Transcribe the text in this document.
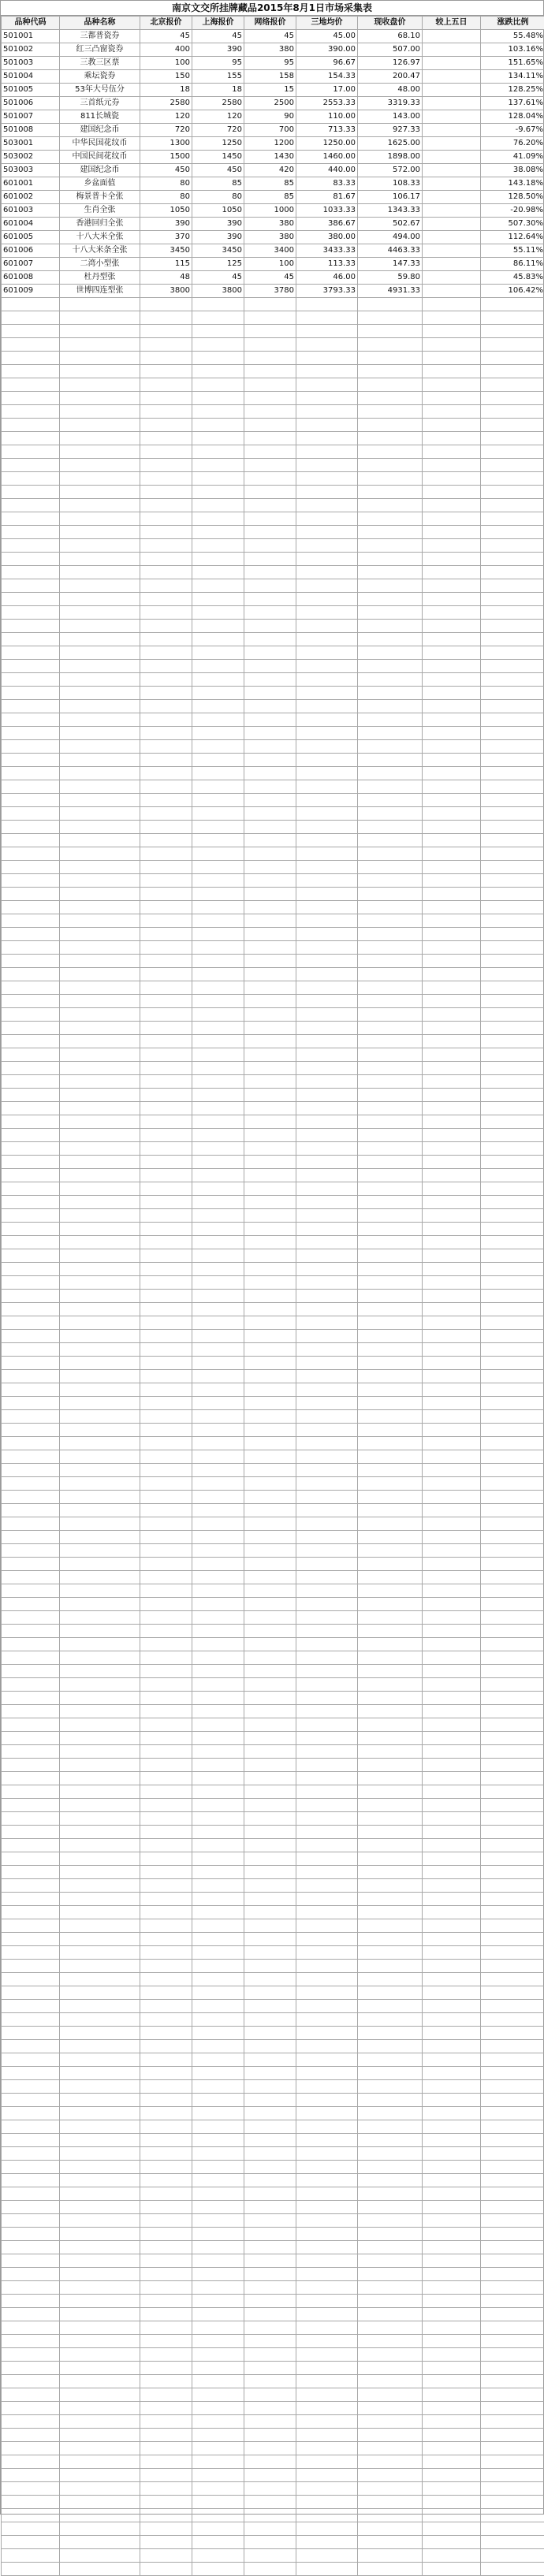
南京文交所挂牌藏品2015年8月1日市场采集表
品种代码	品种名称	北京报价	上海报价	网络报价	三地均价	现收盘价	较上五日	涨跌比例
501001	三都普瓷券	45	45	45	45.00	68.10		55.48%
501002	红三凸窗瓷券	400	390	380	390.00	507.00		103.16%
501003	三教三区票	100	95	95	96.67	126.97		151.65%
501004	乘坛瓷券	150	155	158	154.33	200.47		134.11%
501005	53年大号伍分	18	18	15	17.00	48.00		128.25%
501006	三首纸元券	2580	2580	2500	2553.33	3319.33		137.61%
501007	811长城瓷	120	120	90	110.00	143.00		128.04%
501008	建国纪念币	720	720	700	713.33	927.33		-9.67%
503001	中华民国花纹币	1300	1250	1200	1250.00	1625.00		76.20%
503002	中国民间花纹币	1500	1450	1430	1460.00	1898.00		41.09%
503003	建国纪念币	450	450	420	440.00	572.00		38.08%
601001	乡盆面值	80	85	85	83.33	108.33		143.18%
601002	梅景普卡全张	80	80	85	81.67	106.17		128.50%
601003	生肖全张	1050	1050	1000	1033.33	1343.33		-20.98%
601004	香港回归全张	390	390	380	386.67	502.67		507.30%
601005	十八大米全张	370	390	380	380.00	494.00		112.64%
601006	十八大米条全张	3450	3450	3400	3433.33	4463.33		55.11%
601007	二湾小型张	115	125	100	113.33	147.33		86.11%
601008	杜丹型张	48	45	45	46.00	59.80		45.83%
601009	世博四连型张	3800	3800	3780	3793.33	4931.33		106.42%
